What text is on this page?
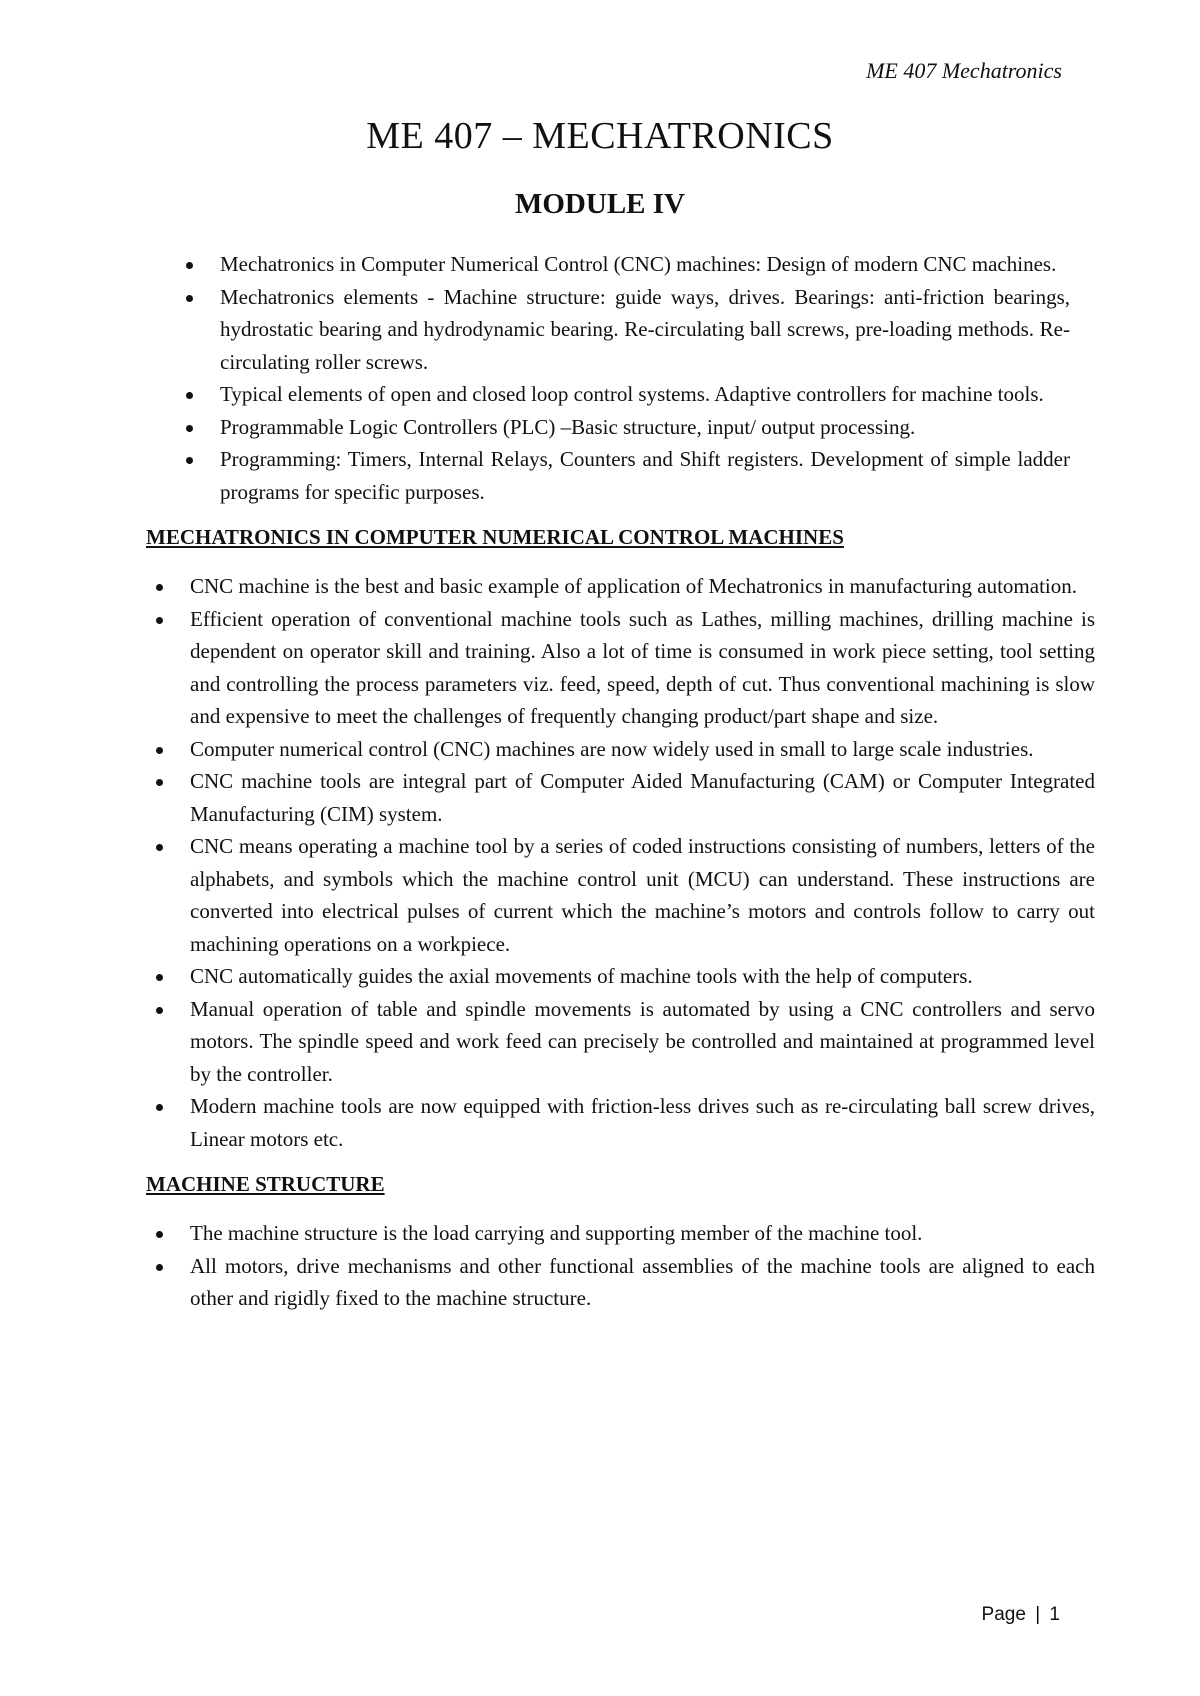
ME 407 Mechatronics
ME 407 – MECHATRONICS
MODULE IV
Mechatronics in Computer Numerical Control (CNC) machines: Design of modern CNC machines.
Mechatronics elements - Machine structure: guide ways, drives. Bearings: anti-friction bearings, hydrostatic bearing and hydrodynamic bearing. Re-circulating ball screws, pre-loading methods. Re-circulating roller screws.
Typical elements of open and closed loop control systems. Adaptive controllers for machine tools.
Programmable Logic Controllers (PLC) –Basic structure, input/ output processing.
Programming: Timers, Internal Relays, Counters and Shift registers. Development of simple ladder programs for specific purposes.
MECHATRONICS IN COMPUTER NUMERICAL CONTROL MACHINES
CNC machine is the best and basic example of application of Mechatronics in manufacturing automation.
Efficient operation of conventional machine tools such as Lathes, milling machines, drilling machine is dependent on operator skill and training. Also a lot of time is consumed in work piece setting, tool setting and controlling the process parameters viz. feed, speed, depth of cut. Thus conventional machining is slow and expensive to meet the challenges of frequently changing product/part shape and size.
Computer numerical control (CNC) machines are now widely used in small to large scale industries.
CNC machine tools are integral part of Computer Aided Manufacturing (CAM) or Computer Integrated Manufacturing (CIM) system.
CNC means operating a machine tool by a series of coded instructions consisting of numbers, letters of the alphabets, and symbols which the machine control unit (MCU) can understand. These instructions are converted into electrical pulses of current which the machine’s motors and controls follow to carry out machining operations on a workpiece.
CNC automatically guides the axial movements of machine tools with the help of computers.
Manual operation of table and spindle movements is automated by using a CNC controllers and servo motors. The spindle speed and work feed can precisely be controlled and maintained at programmed level by the controller.
Modern machine tools are now equipped with friction-less drives such as re-circulating ball screw drives, Linear motors etc.
MACHINE STRUCTURE
The machine structure is the load carrying and supporting member of the machine tool.
All motors, drive mechanisms and other functional assemblies of the machine tools are aligned to each other and rigidly fixed to the machine structure.
Page | 1
